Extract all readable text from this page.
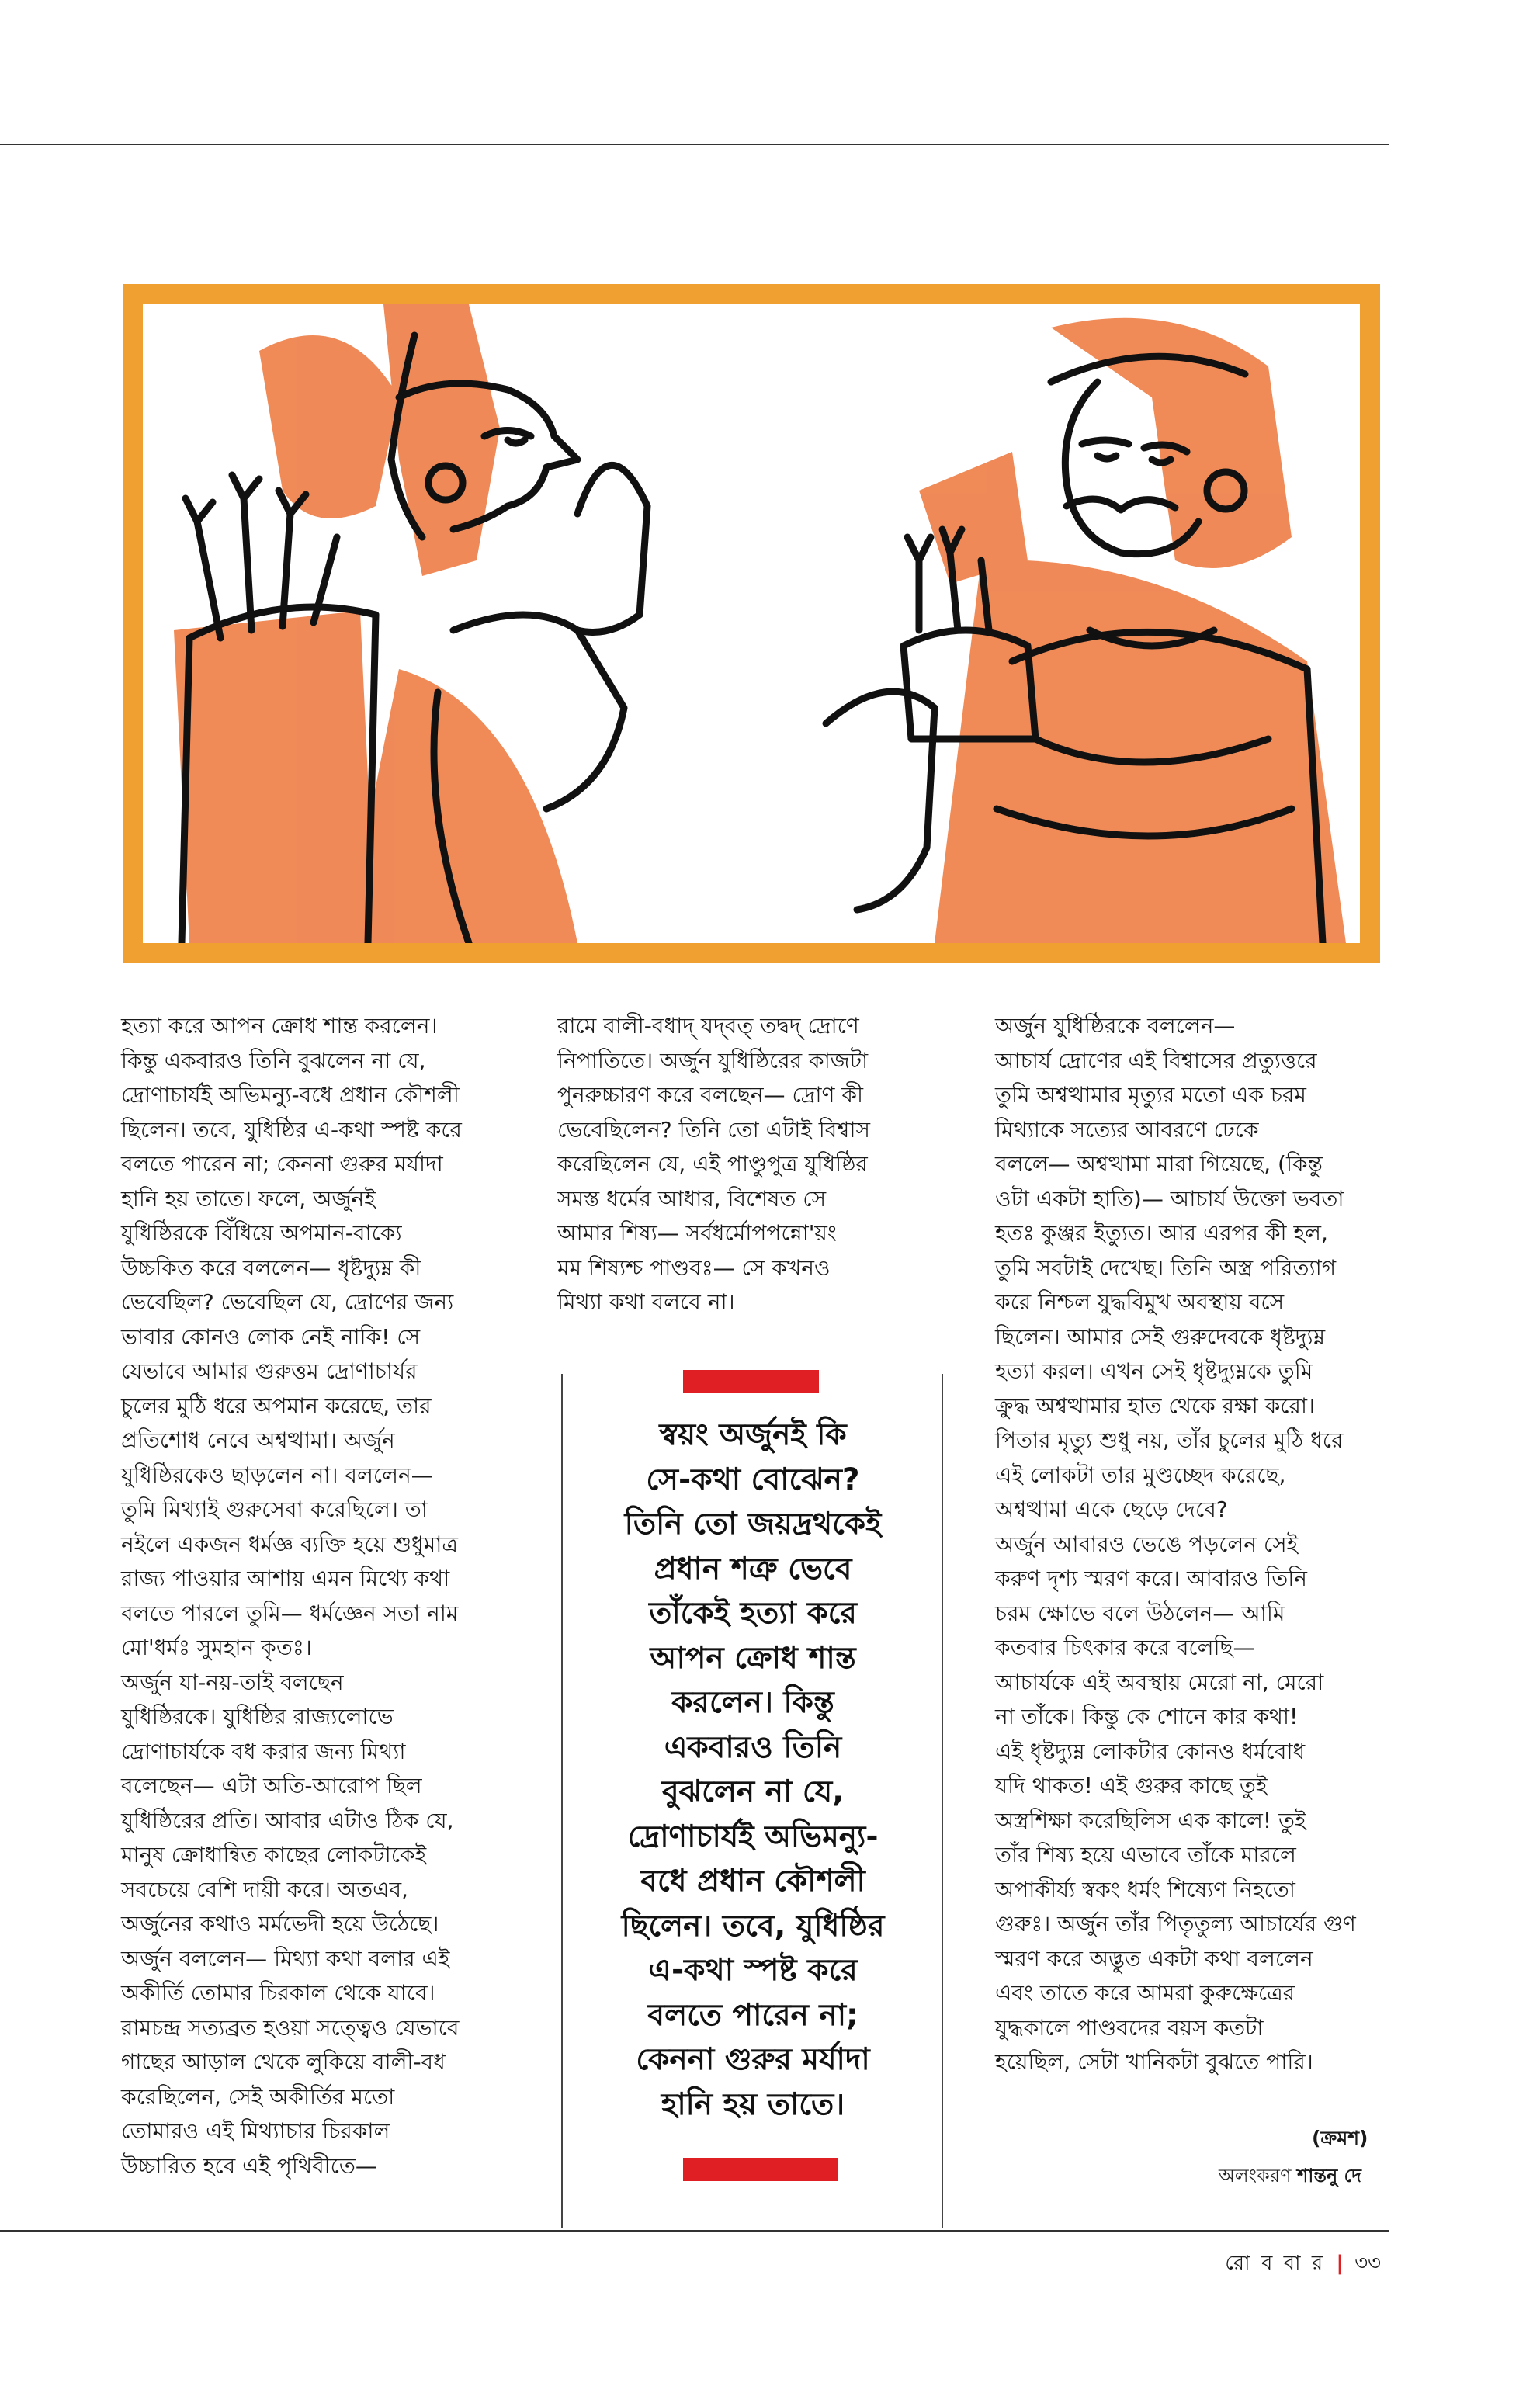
হত্যা করে আপন ক্রোধ শান্ত করলেন।
কিন্তু একবারও তিনি বুঝলেন না যে,
দ্রোণাচার্যই অভিমন্যু-বধে প্রধান কৌশলী
ছিলেন। তবে, যুধিষ্ঠির এ-কথা স্পষ্ট করে
বলতে পারেন না; কেননা গুরুর মর্যাদা
হানি হয় তাতে। ফলে, অর্জুনই
যুধিষ্ঠিরকে বিঁধিয়ে অপমান-বাক্যে
উচ্চকিত করে বললেন— ধৃষ্টদ্যুম্ন কী
ভেবেছিল? ভেবেছিল যে, দ্রোণের জন্য
ভাবার কোনও লোক নেই নাকি! সে
যেভাবে আমার গুরুত্তম দ্রোণাচার্যর
চুলের মুঠি ধরে অপমান করেছে, তার
প্রতিশোধ নেবে অশ্বত্থামা। অর্জুন
যুধিষ্ঠিরকেও ছাড়লেন না। বললেন—
তুমি মিথ্যাই গুরুসেবা করেছিলে। তা
নইলে একজন ধর্মজ্ঞ ব্যক্তি হয়ে শুধুমাত্র
রাজ্য পাওয়ার আশায় এমন মিথ্যে কথা
বলতে পারলে তুমি— ধর্মজ্ঞেন সতা নাম
মো'ধর্মঃ সুমহান কৃতঃ।
অর্জুন যা-নয়-তাই বলছেন
যুধিষ্ঠিরকে। যুধিষ্ঠির রাজ্যলোভে
দ্রোণাচার্যকে বধ করার জন্য মিথ্যা
বলেছেন— এটা অতি-আরোপ ছিল
যুধিষ্ঠিরের প্রতি। আবার এটাও ঠিক যে,
মানুষ ক্রোধান্বিত কাছের লোকটাকেই
সবচেয়ে বেশি দায়ী করে। অতএব,
অর্জুনের কথাও মর্মভেদী হয়ে উঠেছে।
অর্জুন বললেন— মিথ্যা কথা বলার এই
অকীর্তি তোমার চিরকাল থেকে যাবে।
রামচন্দ্র সত্যব্রত হওয়া সত্ত্বেও যেভাবে
গাছের আড়াল থেকে লুকিয়ে বালী-বধ
করেছিলেন, সেই অকীর্তির মতো
তোমারও এই মিথ্যাচার চিরকাল
উচ্চারিত হবে এই পৃথিবীতে—

রামে বালী-বধাদ্‌ যদ্‌বত্‌ তদ্বদ্‌ দ্রোণে
নিপাতিতে। অর্জুন যুধিষ্ঠিরের কাজটা
পুনরুচ্চারণ করে বলছেন— দ্রোণ কী
ভেবেছিলেন? তিনি তো এটাই বিশ্বাস
করেছিলেন যে, এই পাণ্ডুপুত্র যুধিষ্ঠির
সমস্ত ধর্মের আধার, বিশেষত সে
আমার শিষ্য— সর্বধর্মোপপন্নো'য়ং
মম শিষ্যশ্চ পাণ্ডবঃ— সে কখনও
মিথ্যা কথা বলবে না।

অর্জুন যুধিষ্ঠিরকে বললেন—
আচার্য দ্রোণের এই বিশ্বাসের প্রত্যুত্তরে
তুমি অশ্বত্থামার মৃত্যুর মতো এক চরম
মিথ্যাকে সত্যের আবরণে ঢেকে
বললে— অশ্বত্থামা মারা গিয়েছে, (কিন্তু
ওটা একটা হাতি)— আচার্য উক্তো ভবতা
হতঃ কুঞ্জর ইত্যুত। আর এরপর কী হল,
তুমি সবটাই দেখেছ। তিনি অস্ত্র পরিত্যাগ
করে নিশ্চল যুদ্ধবিমুখ অবস্থায় বসে
ছিলেন। আমার সেই গুরুদেবকে ধৃষ্টদ্যুম্ন
হত্যা করল। এখন সেই ধৃষ্টদ্যুম্নকে তুমি
ক্রুদ্ধ অশ্বত্থামার হাত থেকে রক্ষা করো।
পিতার মৃত্যু শুধু নয়, তাঁর চুলের মুঠি ধরে
এই লোকটা তার মুণ্ডচ্ছেদ করেছে,
অশ্বত্থামা একে ছেড়ে দেবে?
অর্জুন আবারও ভেঙে পড়লেন সেই
করুণ দৃশ্য স্মরণ করে। আবারও তিনি
চরম ক্ষোভে বলে উঠলেন— আমি
কতবার চিৎকার করে বলেছি—
আচার্যকে এই অবস্থায় মেরো না, মেরো
না তাঁকে। কিন্তু কে শোনে কার কথা!
এই ধৃষ্টদ্যুম্ন লোকটার কোনও ধর্মবোধ
যদি থাকত! এই গুরুর কাছে তুই
অস্ত্রশিক্ষা করেছিলিস এক কালে! তুই
তাঁর শিষ্য হয়ে এভাবে তাঁকে মারলে
অপাকীর্য্য স্বকং ধর্মং শিষ্যেণ নিহতো
গুরুঃ। অর্জুন তাঁর পিতৃতুল্য আচার্যের গুণ
স্মরণ করে অদ্ভুত একটা কথা বললেন
এবং তাতে করে আমরা কুরুক্ষেত্রের
যুদ্ধকালে পাণ্ডবদের বয়স কতটা
হয়েছিল, সেটা খানিকটা বুঝতে পারি।

স্বয়ং অর্জুনই কি
সে-কথা বোঝেন?
তিনি তো জয়দ্রথকেই
প্রধান শত্রু ভেবে
তাঁকেই হত্যা করে
আপন ক্রোধ শান্ত
করলেন। কিন্তু
একবারও তিনি
বুঝলেন না যে,
দ্রোণাচার্যই অভিমন্যু-
বধে প্রধান কৌশলী
ছিলেন। তবে, যুধিষ্ঠির
এ-কথা স্পষ্ট করে
বলতে পারেন না;
কেননা গুরুর মর্যাদা
হানি হয় তাতে।
(ক্রমশ)
অলংকরণ শান্তনু দে
রো ব বা র | ৩৩
